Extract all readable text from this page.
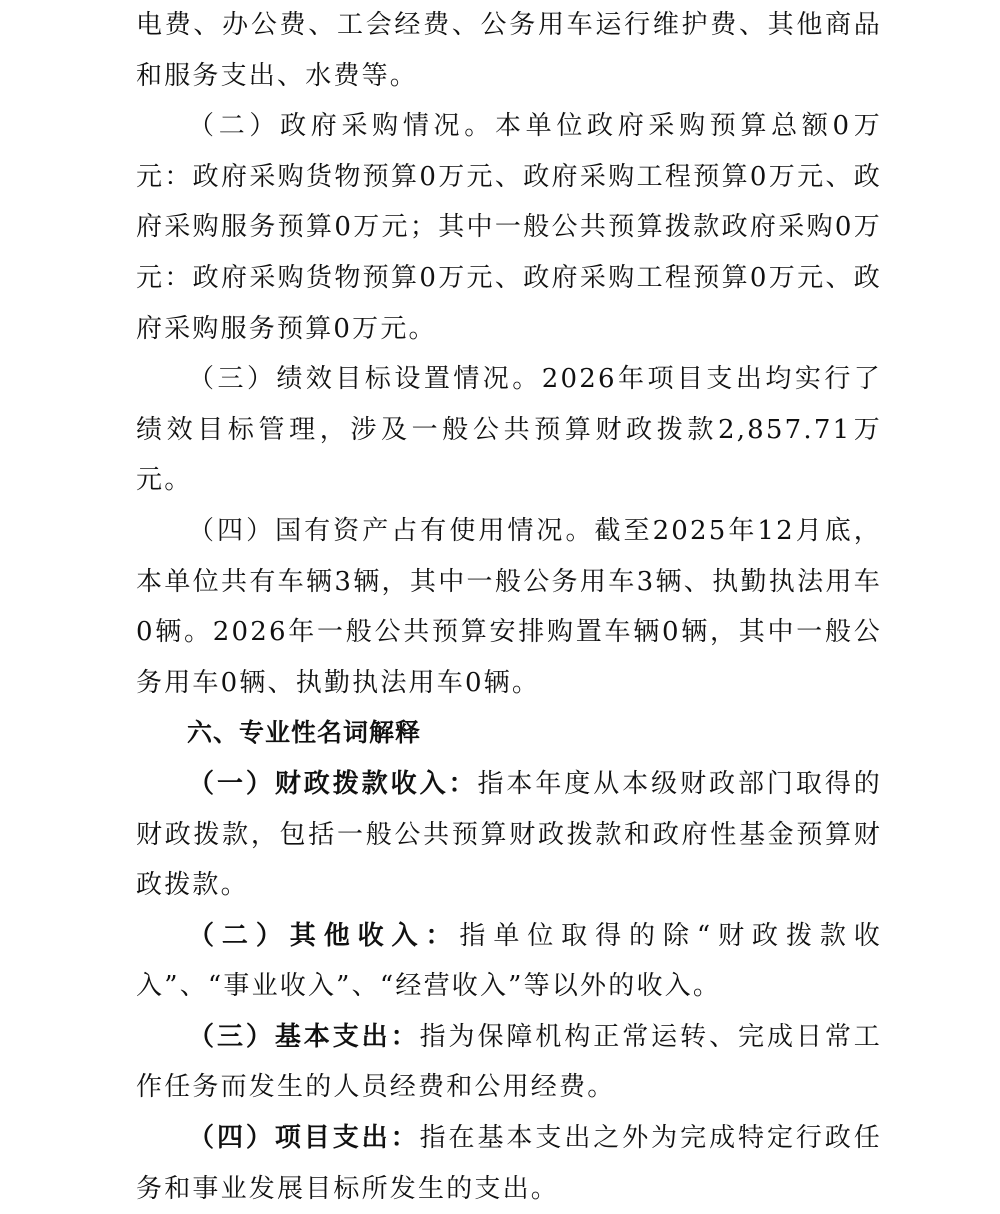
电费、办公费、工会经费、公务用车运行维护费、其他商品和服务支出、水费等。

（二）政府采购情况。本单位政府采购预算总额0万元：政府采购货物预算0万元、政府采购工程预算0万元、政府采购服务预算0万元；其中一般公共预算拨款政府采购0万元：政府采购货物预算0万元、政府采购工程预算0万元、政府采购服务预算0万元。

（三）绩效目标设置情况。2026年项目支出均实行了绩效目标管理，涉及一般公共预算财政拨款2,857.71万元。

（四）国有资产占有使用情况。截至2025年12月底，本单位共有车辆3辆，其中一般公务用车3辆、执勤执法用车0辆。2026年一般公共预算安排购置车辆0辆，其中一般公务用车0辆、执勤执法用车0辆。

六、专业性名词解释

（一）财政拨款收入：指本年度从本级财政部门取得的财政拨款，包括一般公共预算财政拨款和政府性基金预算财政拨款。

（二）其他收入：指单位取得的除“财政拨款收入”、“事业收入”、“经营收入”等以外的收入。

（三）基本支出：指为保障机构正常运转、完成日常工作任务而发生的人员经费和公用经费。

（四）项目支出：指在基本支出之外为完成特定行政任务和事业发展目标所发生的支出。
